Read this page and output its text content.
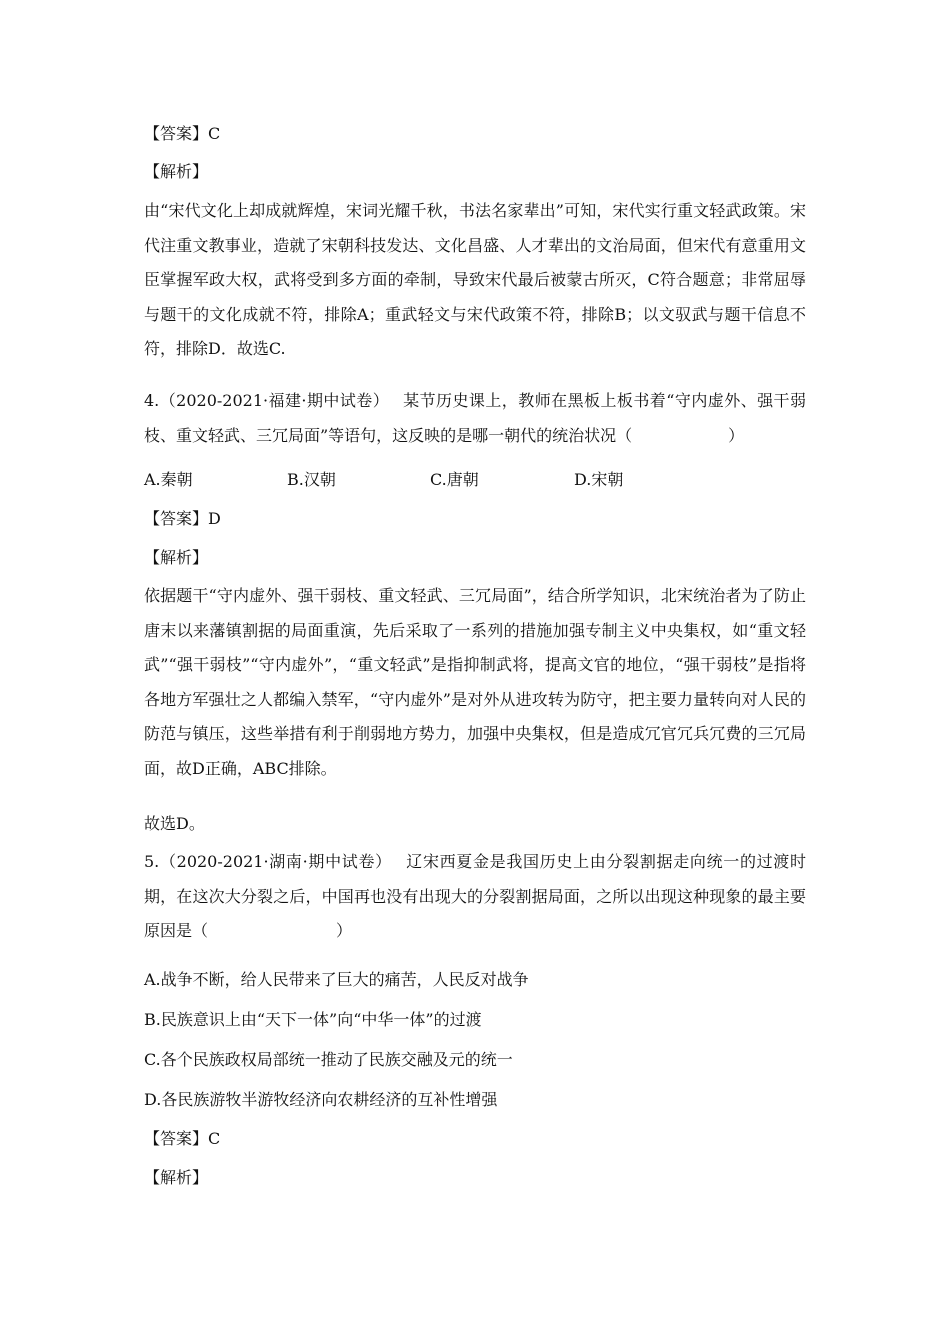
【答案】C
【解析】
由“宋代文化上却成就辉煌，宋词光耀千秋，书法名家辈出”可知，宋代实行重文轻武政策。宋代注重文教事业，造就了宋朝科技发达、文化昌盛、人才辈出的文治局面，但宋代有意重用文臣掌握军政大权，武将受到多方面的牵制，导致宋代最后被蒙古所灭，C符合题意；非常屈辱与题干的文化成就不符，排除A；重武轻文与宋代政策不符，排除B；以文驭武与题干信息不符，排除D．故选C.
4.（2020-2021·福建·期中试卷）　 某节历史课上，教师在黑板上板书着“守内虚外、强干弱枝、重文轻武、三冗局面”等语句，这反映的是哪一朝代的统治状况（　　　　　　）
A.秦朝	B.汉朝	C.唐朝	D.宋朝
【答案】D
【解析】
依据题干“守内虚外、强干弱枝、重文轻武、三冗局面”，结合所学知识，北宋统治者为了防止唐末以来藩镇割据的局面重演，先后采取了一系列的措施加强专制主义中央集权，如“重文轻武”“强干弱枝”“守内虚外”，“重文轻武”是指抑制武将，提高文官的地位，“强干弱枝”是指将各地方军强壮之人都编入禁军，“守内虚外”是对外从进攻转为防守，把主要力量转向对人民的防范与镇压，这些举措有利于削弱地方势力，加强中央集权，但是造成冗官冗兵冗费的三冗局面，故D正确，ABC排除。
故选D。
5.（2020-2021·湖南·期中试卷）　 辽宋西夏金是我国历史上由分裂割据走向统一的过渡时期，在这次大分裂之后，中国再也没有出现大的分裂割据局面，之所以出现这种现象的最主要原因是（　　　　　　　　）
A.战争不断，给人民带来了巨大的痛苦，人民反对战争
B.民族意识上由“天下一体”向“中华一体”的过渡
C.各个民族政权局部统一推动了民族交融及元的统一
D.各民族游牧半游牧经济向农耕经济的互补性增强
【答案】C
【解析】
